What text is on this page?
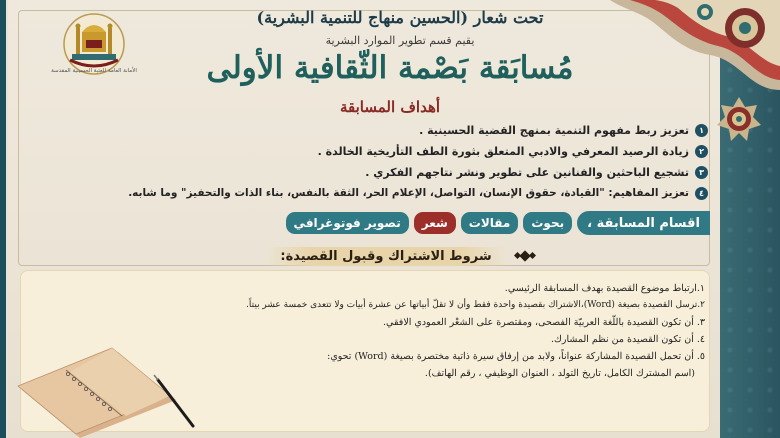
الأمانة العامة للعتبة الحسينية المقدسة
تحت شعار (الحسين منهاج للتنمية البشرية)
يقيم قسم تطوير الموارد البشرية
مُسابَقة بَصْمة الثّقافية الأولى
أهداف المسابقة
١
تعزيز ربط مفهوم التنمية بمنهج القضية الحسينية .
٢
زيادة الرصيد المعرفي والادبي المتعلق بثورة الطف التأريخية الخالدة .
٣
تشجيع الباحثين والفنانين على تطوير ونشر نتاجهم الفكري .
٤
تعزيز المفاهيم: "القيادة، حقوق الإنسان، التواصل، الإعلام الحر، الثقة بالنفس، بناء الذات والتحفيز" وما شابه.
اقسام المسابقة ،
بحوث
مقالات
شعر
تصوير فوتوغرافي
شروط الاشتراك وقبول القصيدة:
١.ارتباط موضوع القصيدة بهدف المسابقة الرئيسي.
٢.ترسل القصيدة بصيغة (Word)،الاشتراك بقصيدة واحدة فقط وأن لا تقلّ أبياتها عن عشرة أبيات ولا تتعدى خمسة عشر بيتاً.
٣. أن تكون القصيدة باللّغة العربيّة الفصحى، ومقتصرة على الشعْر العمودي الافقي.
٤. أن تكون القصيدة من نظم المشارك.
٥. أن تحمل القصيدة المشاركة عنواناً، ولابد من إرفاق سيرة ذاتية مختصرة بصيغة (Word) تحوي:
(اسم المشترك الكامل، تاريخ التولد ، العنوان الوظيفي ، رقم الهاتف).
